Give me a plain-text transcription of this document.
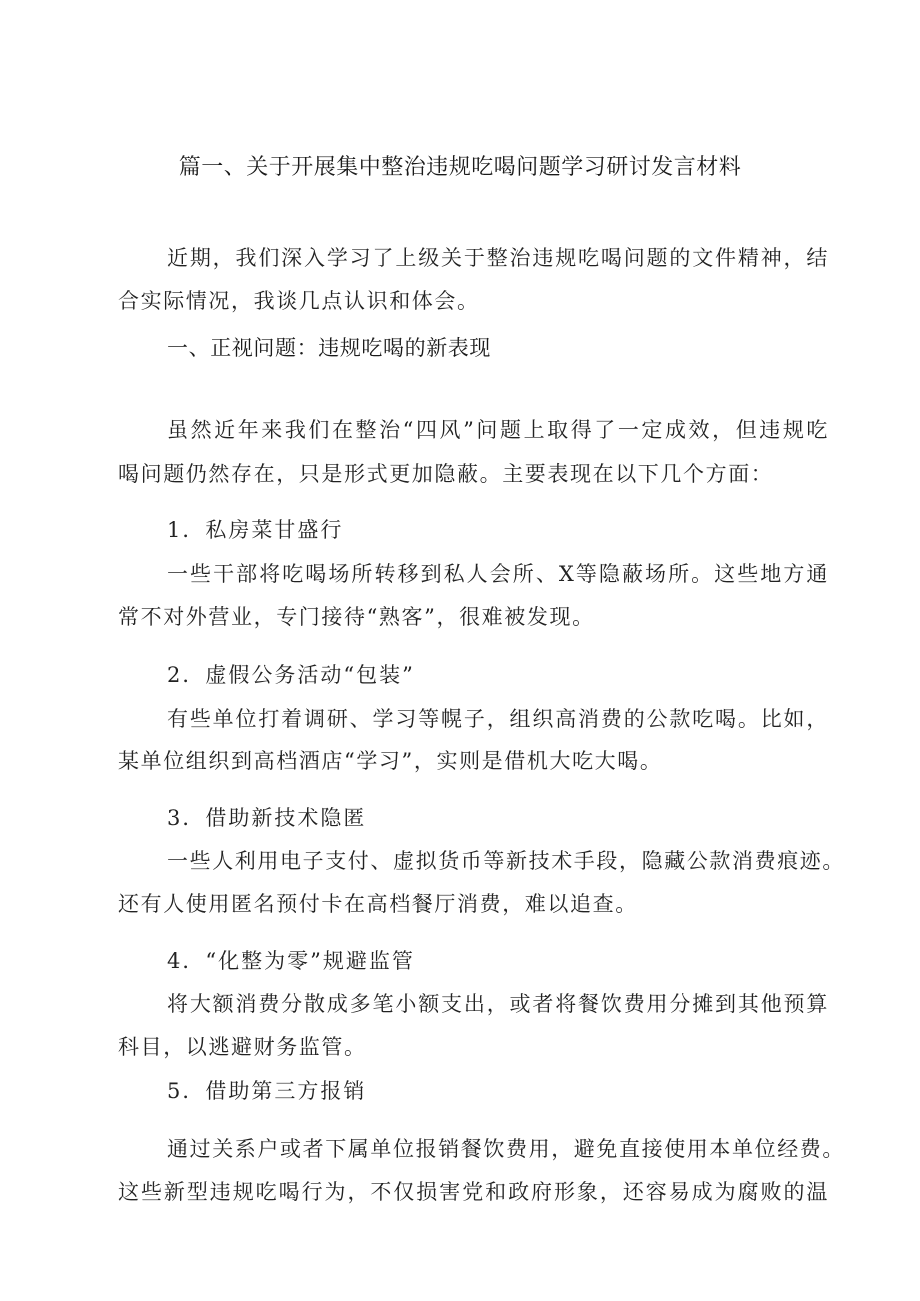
篇一、关于开展集中整治违规吃喝问题学习研讨发言材料
近期，我们深入学习了上级关于整治违规吃喝问题的文件精神，结
合实际情况，我谈几点认识和体会。
一、正视问题：违规吃喝的新表现
虽然近年来我们在整治“四风”问题上取得了一定成效，但违规吃
喝问题仍然存在，只是形式更加隐蔽。主要表现在以下几个方面：
1．私房菜甘盛行
一些干部将吃喝场所转移到私人会所、X等隐蔽场所。这些地方通
常不对外营业，专门接待“熟客”，很难被发现。
2．虚假公务活动“包装”
有些单位打着调研、学习等幌子，组织高消费的公款吃喝。比如，
某单位组织到高档酒店“学习”，实则是借机大吃大喝。
3．借助新技术隐匿
一些人利用电子支付、虚拟货币等新技术手段，隐藏公款消费痕迹。
还有人使用匿名预付卡在高档餐厅消费，难以追查。
4．“化整为零”规避监管
将大额消费分散成多笔小额支出，或者将餐饮费用分摊到其他预算
科目，以逃避财务监管。
5．借助第三方报销
通过关系户或者下属单位报销餐饮费用，避免直接使用本单位经费。
这些新型违规吃喝行为，不仅损害党和政府形象，还容易成为腐败的温
